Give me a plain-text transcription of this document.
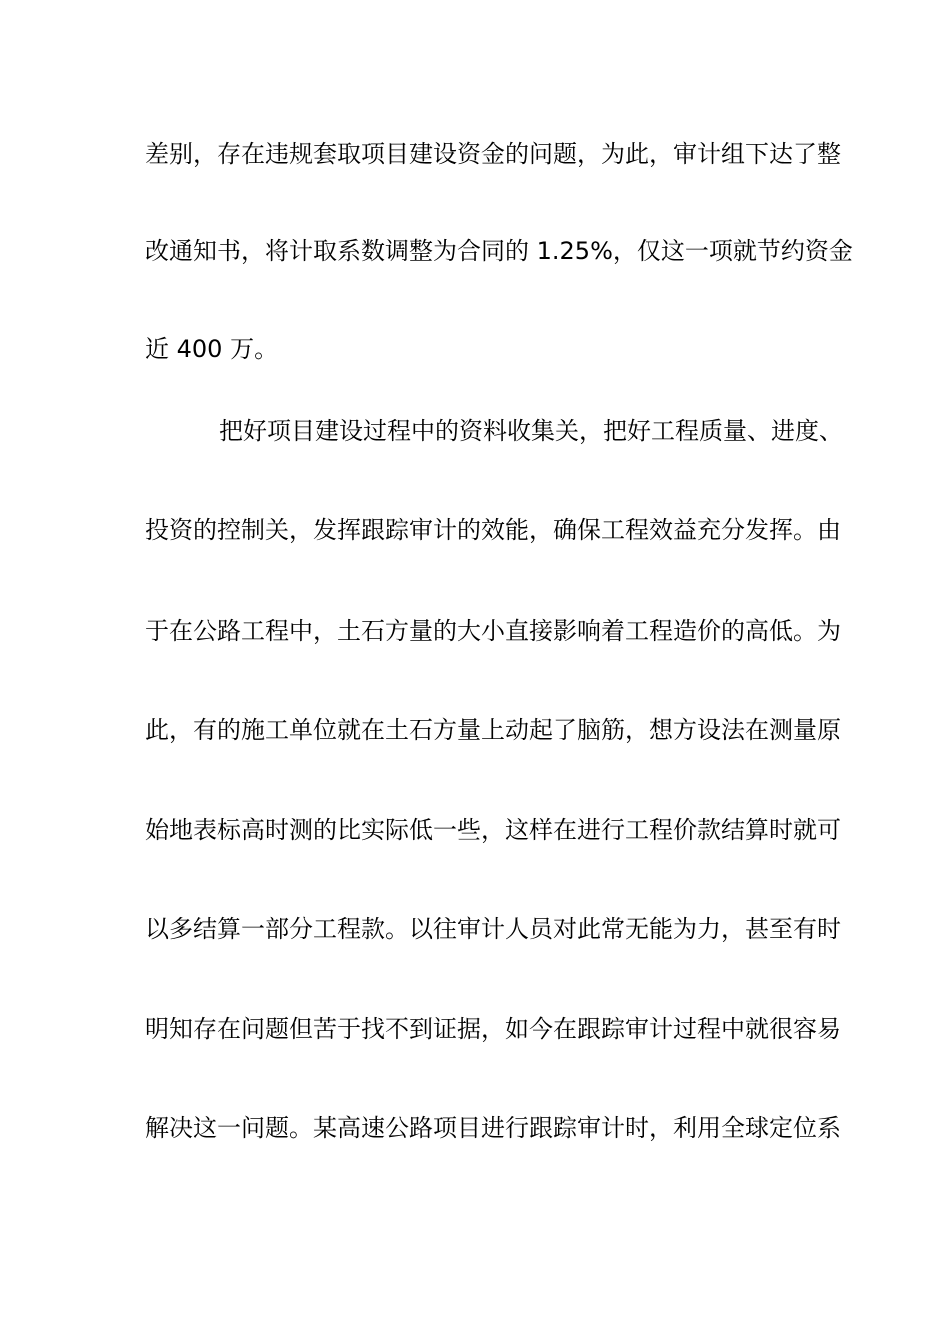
差别，存在违规套取项目建设资金的问题，为此，审计组下达了整
改通知书，将计取系数调整为合同的 1.25%，仅这一项就节约资金
近 400 万。
把好项目建设过程中的资料收集关，把好工程质量、进度、
投资的控制关，发挥跟踪审计的效能，确保工程效益充分发挥。由
于在公路工程中，土石方量的大小直接影响着工程造价的高低。为
此，有的施工单位就在土石方量上动起了脑筋，想方设法在测量原
始地表标高时测的比实际低一些，这样在进行工程价款结算时就可
以多结算一部分工程款。以往审计人员对此常无能为力，甚至有时
明知存在问题但苦于找不到证据，如今在跟踪审计过程中就很容易
解决这一问题。某高速公路项目进行跟踪审计时，利用全球定位系
